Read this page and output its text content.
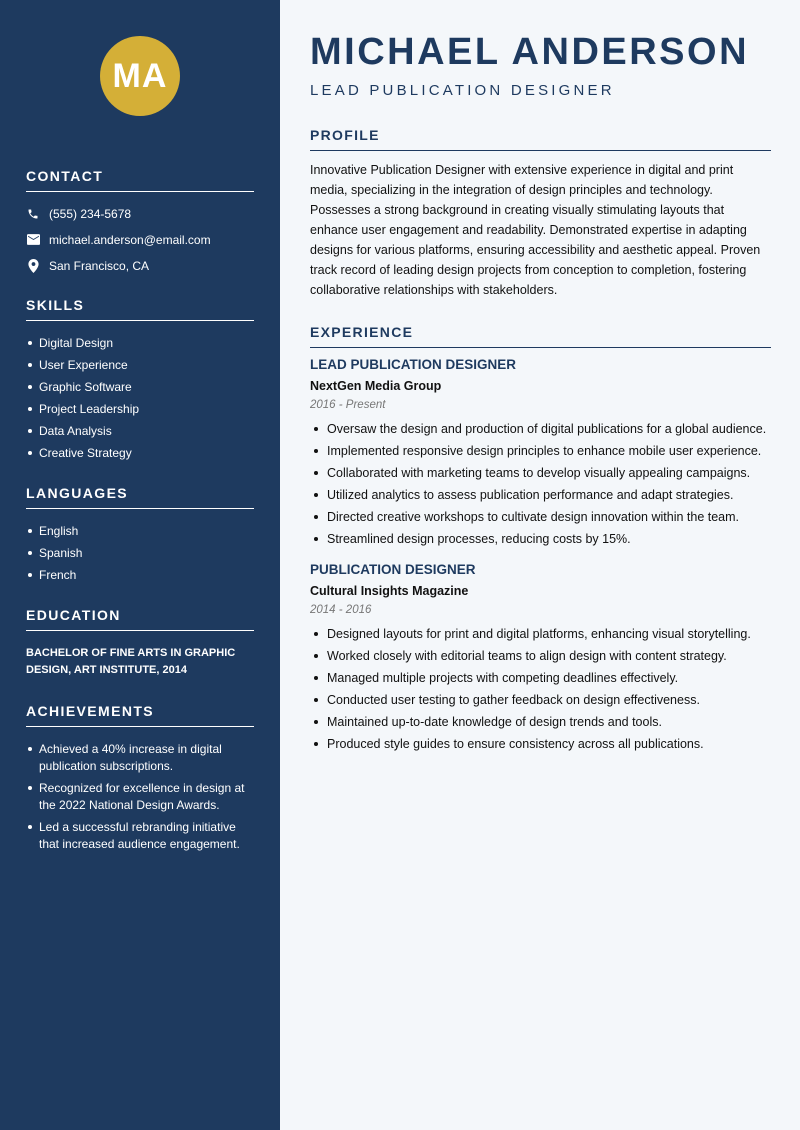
MA
CONTACT
(555) 234-5678
michael.anderson@email.com
San Francisco, CA
SKILLS
Digital Design
User Experience
Graphic Software
Project Leadership
Data Analysis
Creative Strategy
LANGUAGES
English
Spanish
French
EDUCATION
BACHELOR OF FINE ARTS IN GRAPHIC DESIGN, ART INSTITUTE, 2014
ACHIEVEMENTS
Achieved a 40% increase in digital publication subscriptions.
Recognized for excellence in design at the 2022 National Design Awards.
Led a successful rebranding initiative that increased audience engagement.
MICHAEL ANDERSON
LEAD PUBLICATION DESIGNER
PROFILE

Innovative Publication Designer with extensive experience in digital and print media, specializing in the integration of design principles and technology. Possesses a strong background in creating visually stimulating layouts that enhance user engagement and readability. Demonstrated expertise in adapting designs for various platforms, ensuring accessibility and aesthetic appeal. Proven track record of leading design projects from conception to completion, fostering collaborative relationships with stakeholders.

EXPERIENCE
LEAD PUBLICATION DESIGNER
NextGen Media Group
2016 - Present
Oversaw the design and production of digital publications for a global audience.
Implemented responsive design principles to enhance mobile user experience.
Collaborated with marketing teams to develop visually appealing campaigns.
Utilized analytics to assess publication performance and adapt strategies.
Directed creative workshops to cultivate design innovation within the team.
Streamlined design processes, reducing costs by 15%.
PUBLICATION DESIGNER
Cultural Insights Magazine
2014 - 2016
Designed layouts for print and digital platforms, enhancing visual storytelling.
Worked closely with editorial teams to align design with content strategy.
Managed multiple projects with competing deadlines effectively.
Conducted user testing to gather feedback on design effectiveness.
Maintained up-to-date knowledge of design trends and tools.
Produced style guides to ensure consistency across all publications.
